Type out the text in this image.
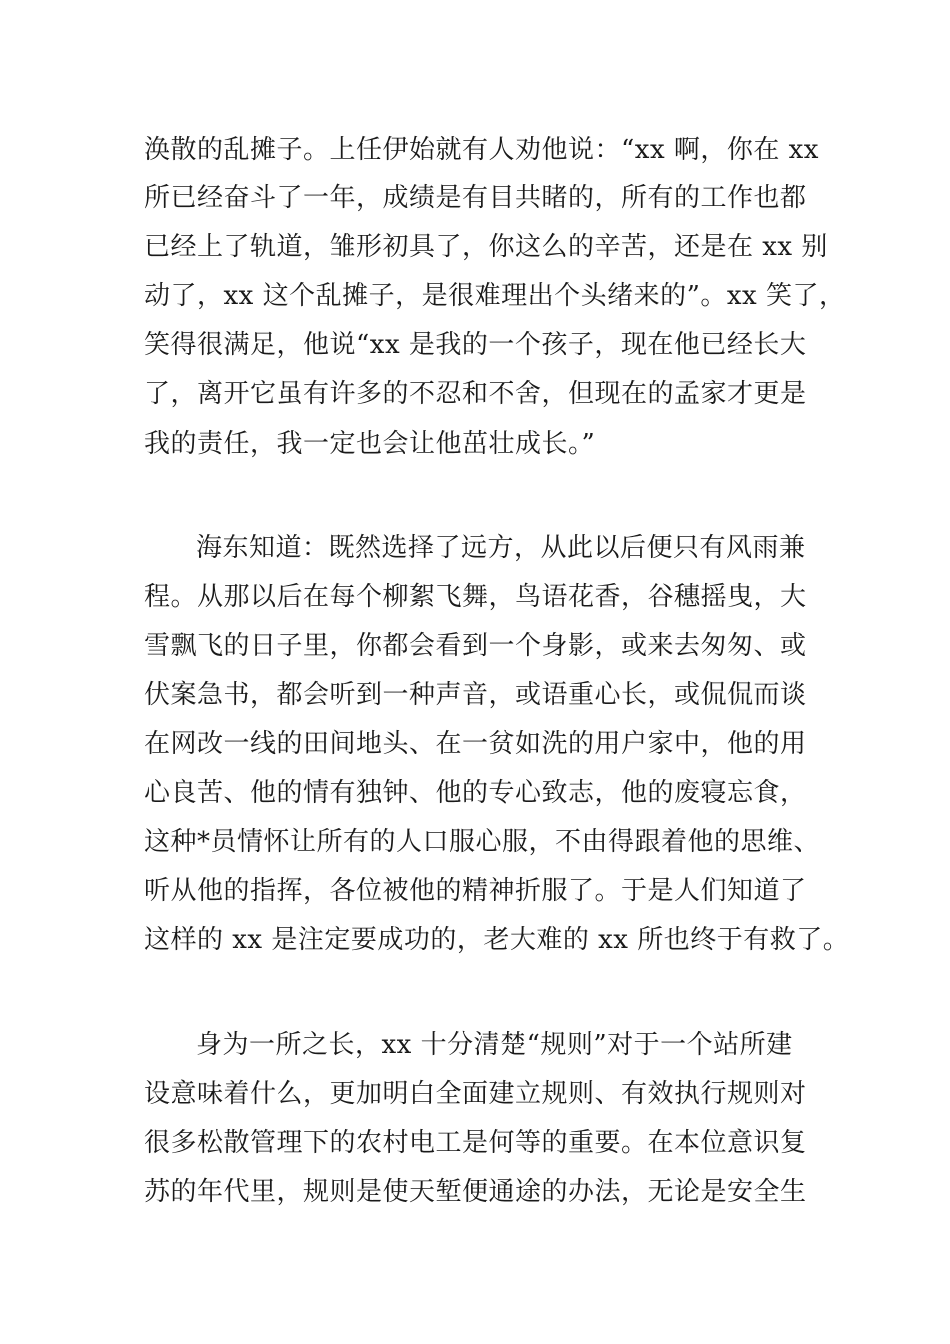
涣散的乱摊子。上任伊始就有人劝他说：“xx 啊，你在 xx
所已经奋斗了一年，成绩是有目共睹的，所有的工作也都
已经上了轨道，雏形初具了，你这么的辛苦，还是在 xx 别
动了，xx 这个乱摊子，是很难理出个头绪来的”。xx 笑了，
笑得很满足，他说“xx 是我的一个孩子，现在他已经长大
了，离开它虽有许多的不忍和不舍，但现在的孟家才更是
我的责任，我一定也会让他茁壮成长。”
海东知道：既然选择了远方，从此以后便只有风雨兼
程。从那以后在每个柳絮飞舞，鸟语花香，谷穗摇曳，大
雪飘飞的日子里，你都会看到一个身影，或来去匆匆、或
伏案急书，都会听到一种声音，或语重心长，或侃侃而谈
在网改一线的田间地头、在一贫如洗的用户家中，他的用
心良苦、他的情有独钟、他的专心致志，他的废寝忘食，
这种*员情怀让所有的人口服心服，不由得跟着他的思维、
听从他的指挥，各位被他的精神折服了。于是人们知道了
这样的 xx 是注定要成功的，老大难的 xx 所也终于有救了。
身为一所之长，xx 十分清楚“规则”对于一个站所建
设意味着什么，更加明白全面建立规则、有效执行规则对
很多松散管理下的农村电工是何等的重要。在本位意识复
苏的年代里，规则是使天堑便通途的办法，无论是安全生
